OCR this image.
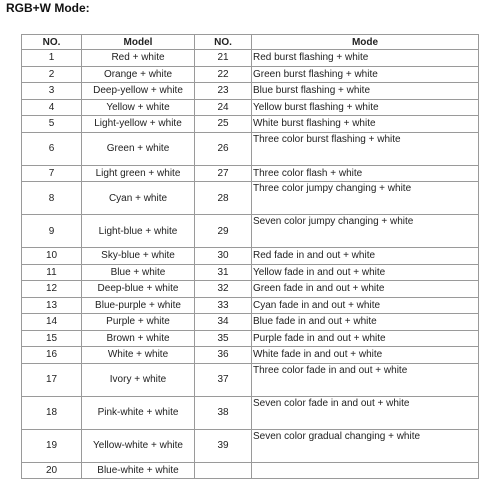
RGB+W Mode:
NO.	Model	NO.	Mode
1	Red + white	21	Red burst flashing + white
2	Orange + white	22	Green burst flashing + white
3	Deep-yellow + white	23	Blue burst flashing + white
4	Yellow + white	24	Yellow burst flashing + white
5	Light-yellow + white	25	White burst flashing + white
6	Green + white	26	Three color burst flashing + white
7	Light green + white	27	Three color flash + white
8	Cyan + white	28	Three color jumpy changing + white
9	Light-blue + white	29	Seven color jumpy changing + white
10	Sky-blue + white	30	Red fade in and out + white
11	Blue + white	31	Yellow fade in and out + white
12	Deep-blue + white	32	Green fade in and out + white
13	Blue-purple + white	33	Cyan fade in and out + white
14	Purple + white	34	Blue fade in and out + white
15	Brown + white	35	Purple fade in and out + white
16	White + white	36	White fade in and out + white
17	Ivory + white	37	Three color fade in and out + white
18	Pink-white + white	38	Seven color fade in and out + white
19	Yellow-white + white	39	Seven color gradual changing + white
20	Blue-white + white		
